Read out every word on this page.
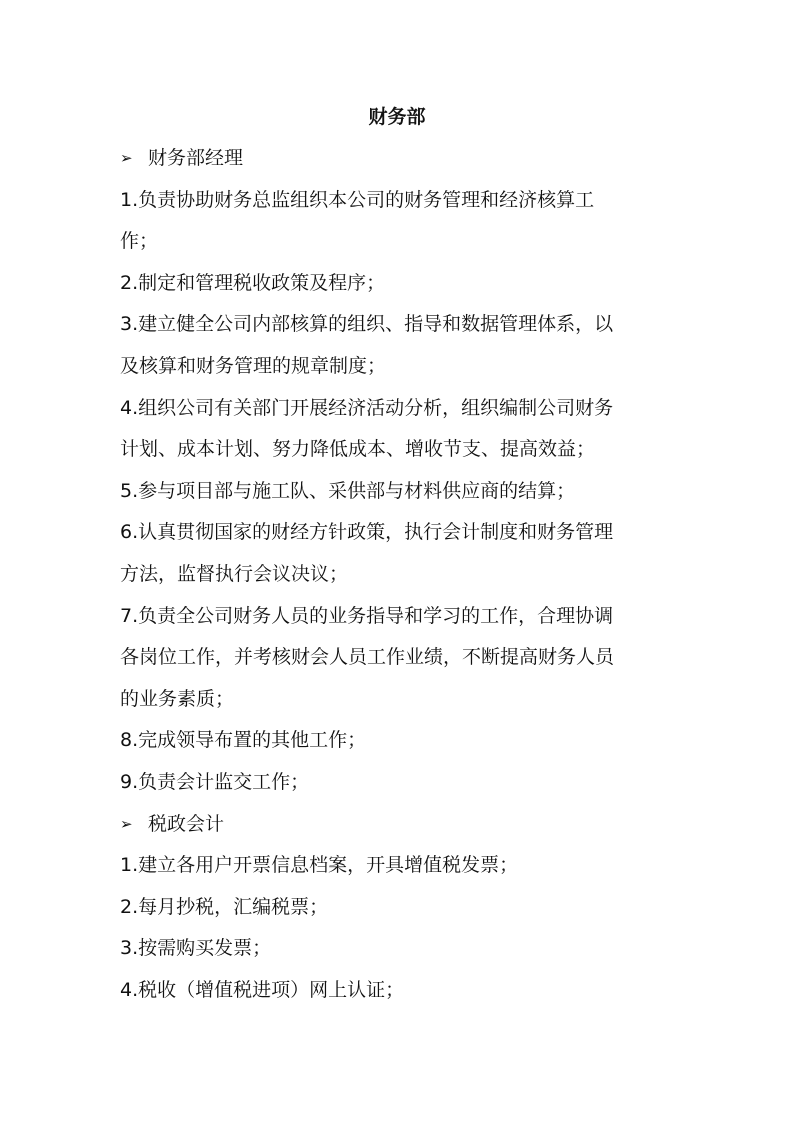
财务部
➢ 财务部经理

1.负责协助财务总监组织本公司的财务管理和经济核算工

作；

2.制定和管理税收政策及程序；

3.建立健全公司内部核算的组织、指导和数据管理体系，以

及核算和财务管理的规章制度；

4.组织公司有关部门开展经济活动分析，组织编制公司财务

计划、成本计划、努力降低成本、增收节支、提高效益；

5.参与项目部与施工队、采供部与材料供应商的结算；

6.认真贯彻国家的财经方针政策，执行会计制度和财务管理

方法，监督执行会议决议；

7.负责全公司财务人员的业务指导和学习的工作，合理协调

各岗位工作，并考核财会人员工作业绩，不断提高财务人员

的业务素质；

8.完成领导布置的其他工作；

9.负责会计监交工作；

➢ 税政会计

1.建立各用户开票信息档案，开具增值税发票；

2.每月抄税，汇编税票；

3.按需购买发票；

4.税收（增值税进项）网上认证；
